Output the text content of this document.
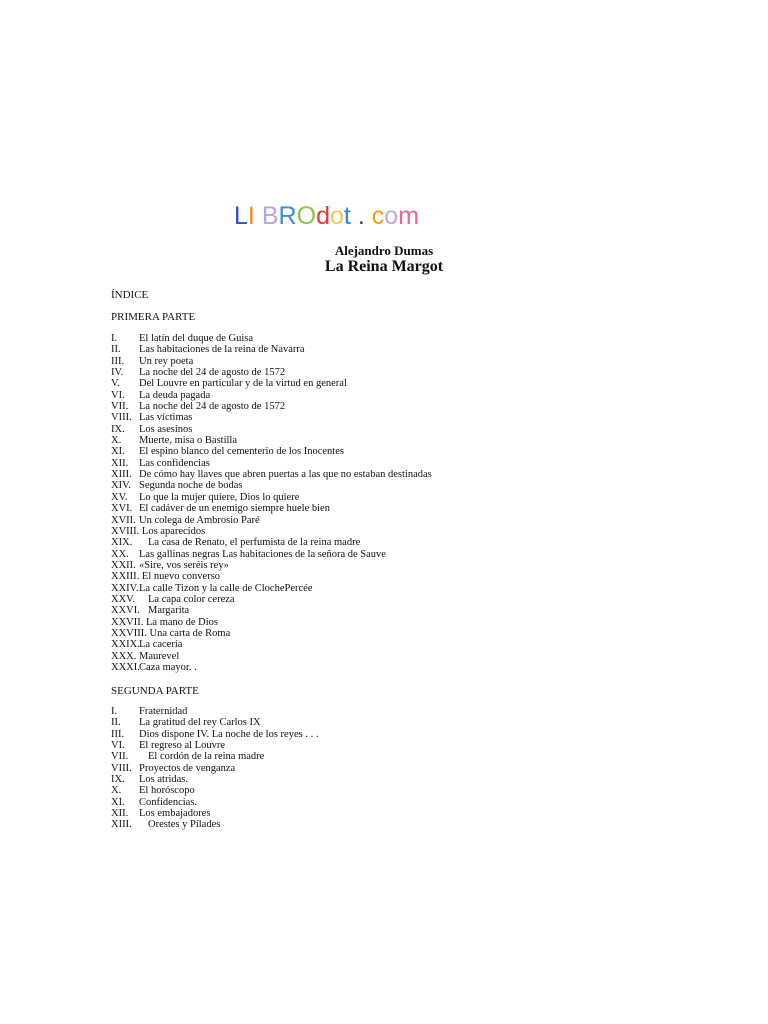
LI BROdot . com
Alejandro Dumas
La Reina Margot
ÍNDICE
PRIMERA PARTE
I. El latín del duque de Guisa
II. Las habitaciones de la reina de Navarra
III. Un rey poeta
IV. La noche del 24 de agosto de 1572
V. Del Louvre en particular y de la virtud en general
VI. La deuda pagada
VII. La noche del 24 de agosto de 1572
VIII. Las víctimas
IX. Los asesinos
X. Muerte, misa o Bastilla
XI. El espino blanco del cementerio de los Inocentes
XII. Las confidencias
XIII. De cómo hay llaves que abren puertas a las que no estaban destinadas
XIV. Segunda noche de bodas
XV. Lo que la mujer quiere, Dios lo quiere
XVI. El cadáver de un enemigo siempre huele bien
XVII. Un colega de Ambrosio Paré
XVIII. Los aparecidos
XIX. La casa de Renato, el perfumista de la reina madre
XX. Las gallinas negras Las habitaciones de la señora de Sauve
XXII. «Sire, vos seréis rey»
XXIII. El nuevo converso
XXIV. La calle Tizon y la calle de ClochePercée
XXV. La capa color cereza
XXVI. Margarita
XXVII. La mano de Dios
XXVIII. Una carta de Roma
XXIX. La cacería
XXX. Maurevel
XXXI. Caza mayor. .
SEGUNDA PARTE
I. Fraternidad
II. La gratitud del rey Carlos IX
III. Dios dispone IV. La noche de los reyes . . .
VI. El regreso al Louvre
VII. El cordón de la reina madre
VIII. Proyectos de venganza
IX. Los atridas.
X. El horóscopo
XI. Confidencias.
XII. Los embajadores
XIII. Orestes y Pílades
